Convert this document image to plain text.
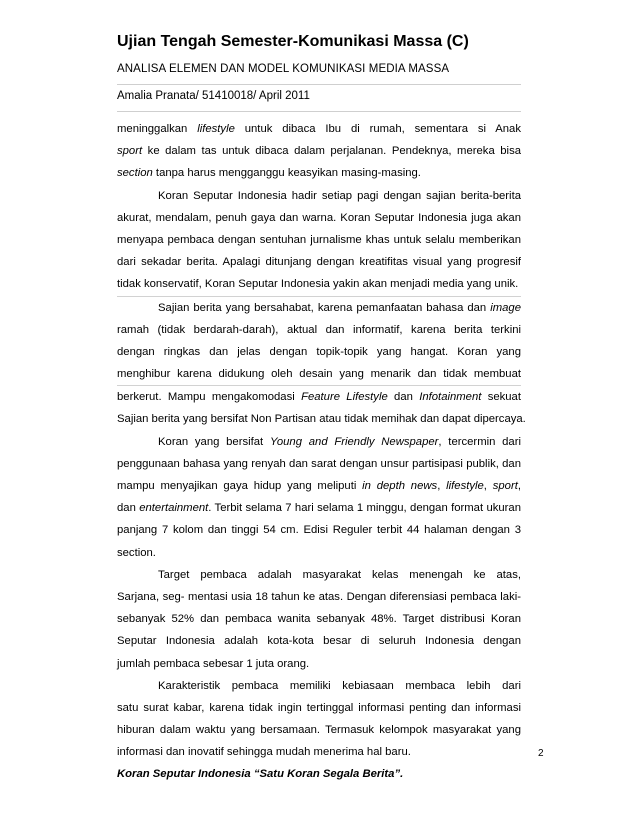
Ujian Tengah Semester-Komunikasi Massa (C)
ANALISA ELEMEN DAN MODEL KOMUNIKASI MEDIA MASSA
Amalia Pranata/ 51410018/ April 2011
meninggalkan lifestyle untuk dibaca Ibu di rumah, sementara si Anak
sport ke dalam tas untuk dibaca dalam perjalanan. Pendeknya, mereka bisa
section tanpa harus mengganggu keasyikan masing-masing.
Koran Seputar Indonesia hadir setiap pagi dengan sajian berita-berita
akurat, mendalam, penuh gaya dan warna. Koran Seputar Indonesia juga akan
menyapa pembaca dengan sentuhan jurnalisme khas untuk selalu memberikan
dari sekadar berita. Apalagi ditunjang dengan kreatifitas visual yang progresif
tidak konservatif, Koran Seputar Indonesia yakin akan menjadi media yang unik.
Sajian berita yang bersahabat, karena pemanfaatan bahasa dan image
ramah (tidak berdarah-darah), aktual dan informatif, karena berita terkini
dengan ringkas dan jelas dengan topik-topik yang hangat. Koran yang
menghibur karena didukung oleh desain yang menarik dan tidak membuat
berkerut. Mampu mengakomodasi Feature Lifestyle dan Infotainment sekuat
Sajian berita yang bersifat Non Partisan atau tidak memihak dan dapat dipercaya.
Koran yang bersifat Young and Friendly Newspaper, tercermin dari
penggunaan bahasa yang renyah dan sarat dengan unsur partisipasi publik, dan
mampu menyajikan gaya hidup yang meliputi in depth news, lifestyle, sport,
dan entertainment. Terbit selama 7 hari selama 1 minggu, dengan format ukuran
panjang 7 kolom dan tinggi 54 cm. Edisi Reguler terbit 44 halaman dengan 3
section.
Target pembaca adalah masyarakat kelas menengah ke atas,
Sarjana, seg- mentasi usia 18 tahun ke atas. Dengan diferensiasi pembaca laki-
sebanyak 52% dan pembaca wanita sebanyak 48%. Target distribusi Koran
Seputar Indonesia adalah kota-kota besar di seluruh Indonesia dengan
jumlah pembaca sebesar 1 juta orang.
Karakteristik pembaca memiliki kebiasaan membaca lebih dari
satu surat kabar, karena tidak ingin tertinggal informasi penting dan informasi
hiburan dalam waktu yang bersamaan. Termasuk kelompok masyarakat yang
informasi dan inovatif sehingga mudah menerima hal baru.
Koran Seputar Indonesia “Satu Koran Segala Berita”.
2
